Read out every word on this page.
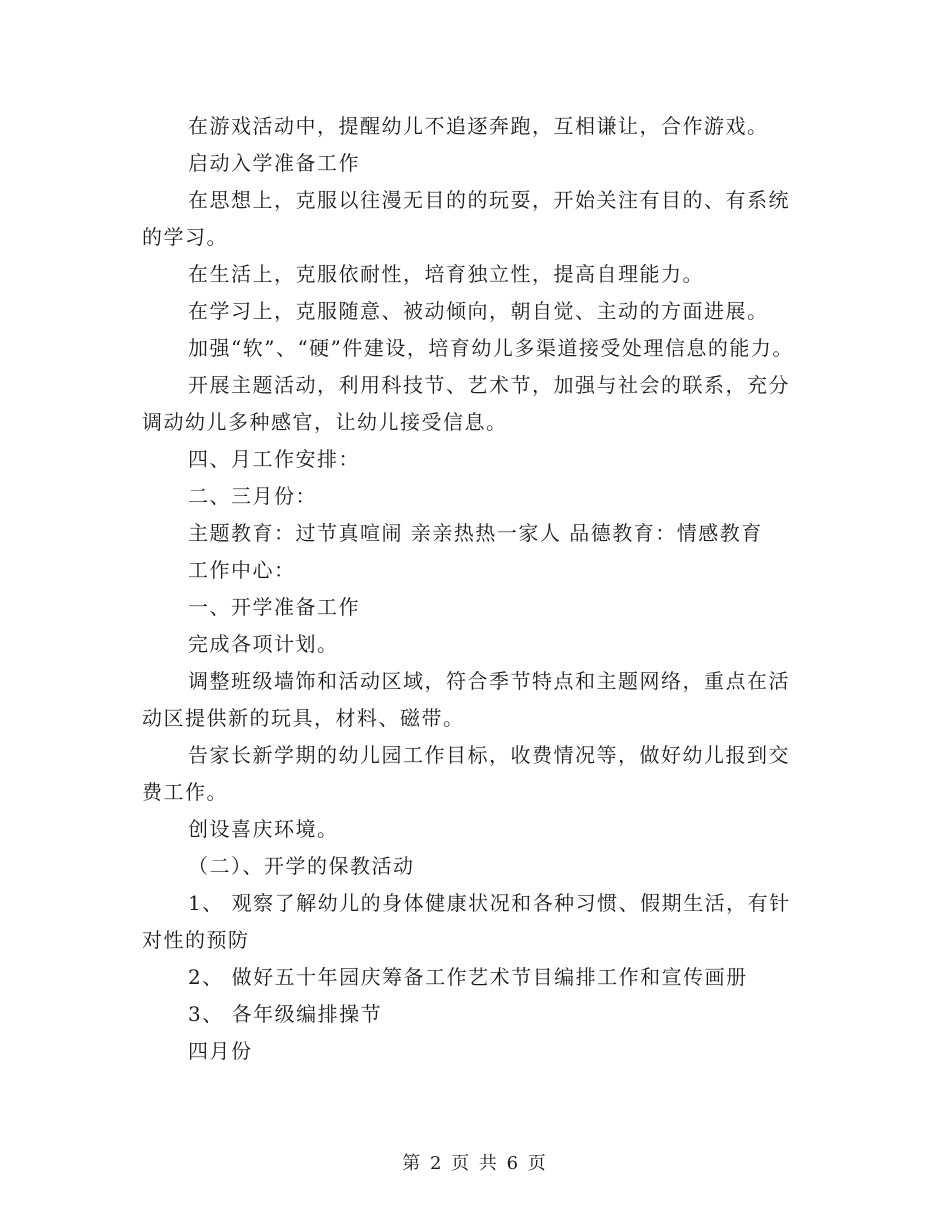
在游戏活动中，提醒幼儿不追逐奔跑，互相谦让，合作游戏。

启动入学准备工作

在思想上，克服以往漫无目的的玩耍，开始关注有目的、有系统的学习。

在生活上，克服依耐性，培育独立性，提高自理能力。

在学习上，克服随意、被动倾向，朝自觉、主动的方面进展。

加强“软”、“硬”件建设，培育幼儿多渠道接受处理信息的能力。

开展主题活动，利用科技节、艺术节，加强与社会的联系，充分调动幼儿多种感官，让幼儿接受信息。

四、月工作安排：

二、三月份：

主题教育：过节真喧闹 亲亲热热一家人 品德教育：情感教育

工作中心：

一、开学准备工作

完成各项计划。

调整班级墙饰和活动区域，符合季节特点和主题网络，重点在活动区提供新的玩具，材料、磁带。

告家长新学期的幼儿园工作目标，收费情况等，做好幼儿报到交费工作。

创设喜庆环境。

（二）、开学的保教活动

1、 观察了解幼儿的身体健康状况和各种习惯、假期生活，有针对性的预防

2、 做好五十年园庆筹备工作艺术节目编排工作和宣传画册

3、 各年级编排操节

四月份

第 2 页 共 6 页
